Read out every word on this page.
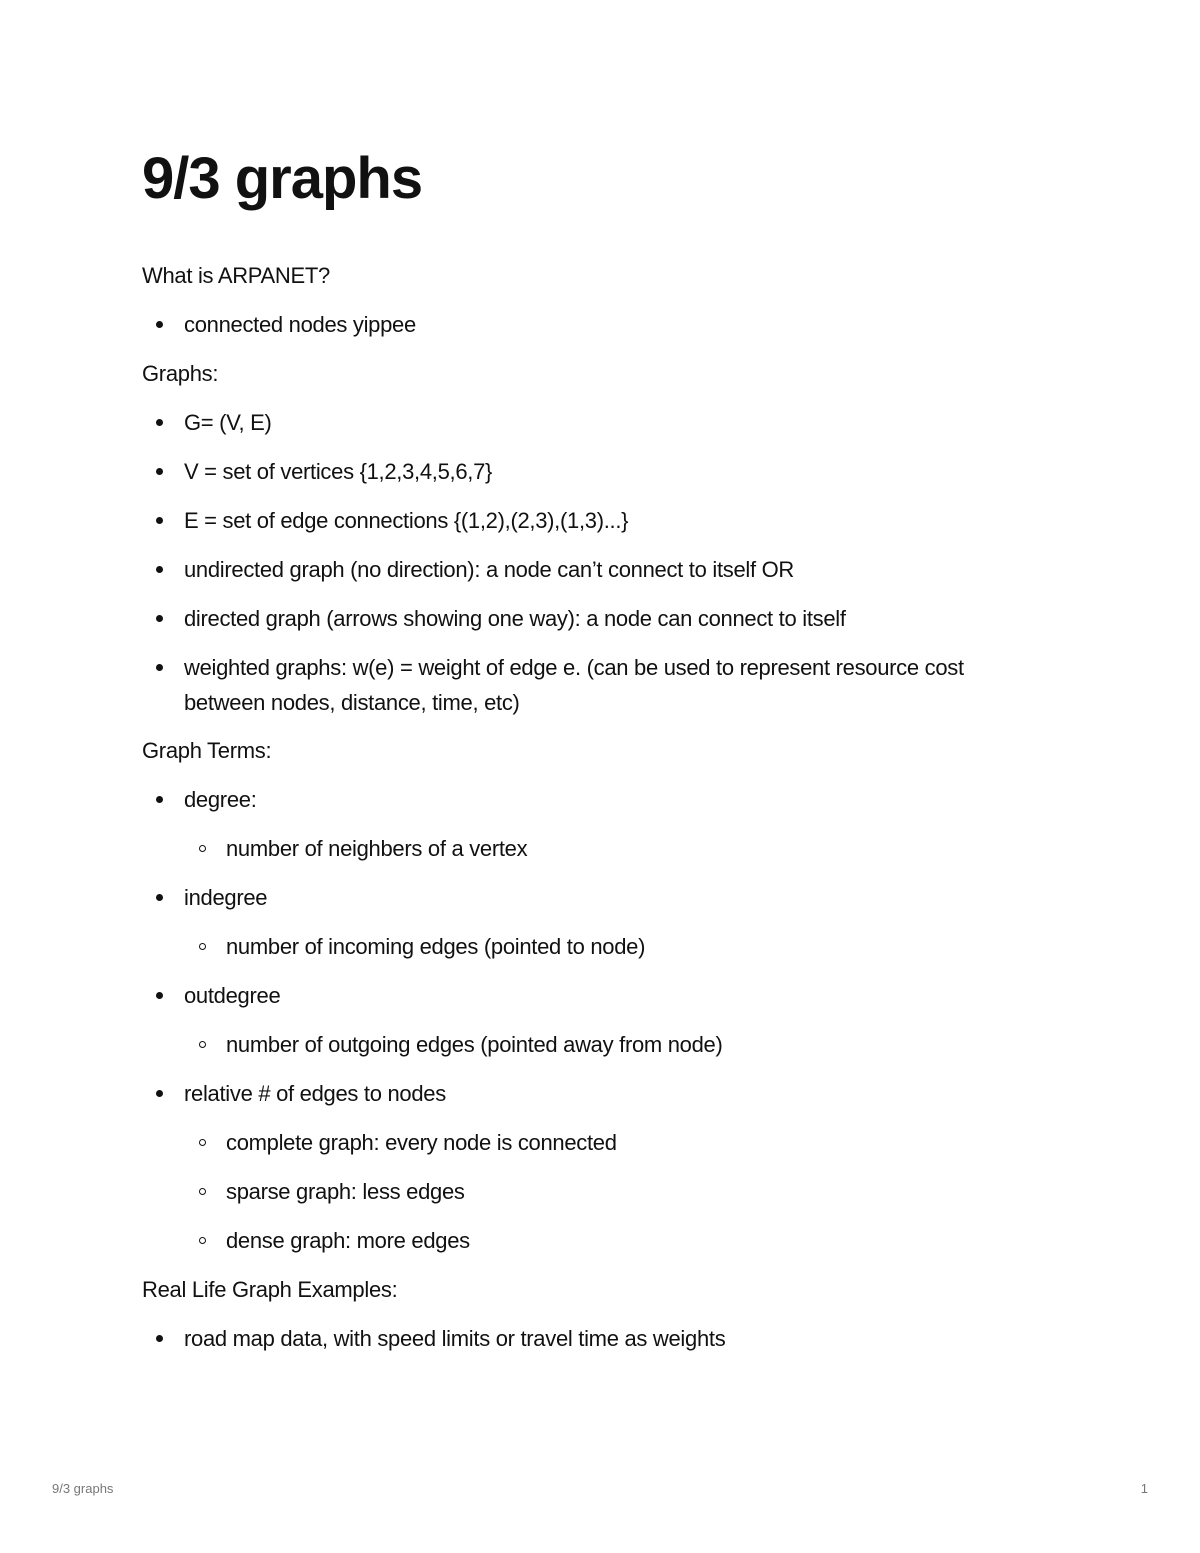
9/3 graphs

What is ARPANET?

connected nodes yippee

Graphs:

G= (V, E)
V = set of vertices {1,2,3,4,5,6,7}
E = set of edge connections {(1,2),(2,3),(1,3)...}
undirected graph (no direction): a node can’t connect to itself OR
directed graph (arrows showing one way): a node can connect to itself
weighted graphs: w(e) = weight of edge e. (can be used to represent resource cost between nodes, distance, time, etc)

Graph Terms:

degree:
number of neighbers of a vertex
indegree
number of incoming edges (pointed to node)
outdegree
number of outgoing edges (pointed away from node)
relative # of edges to nodes
complete graph: every node is connected
sparse graph: less edges
dense graph: more edges

Real Life Graph Examples:

road map data, with speed limits or travel time as weights
9/3 graphs	1
